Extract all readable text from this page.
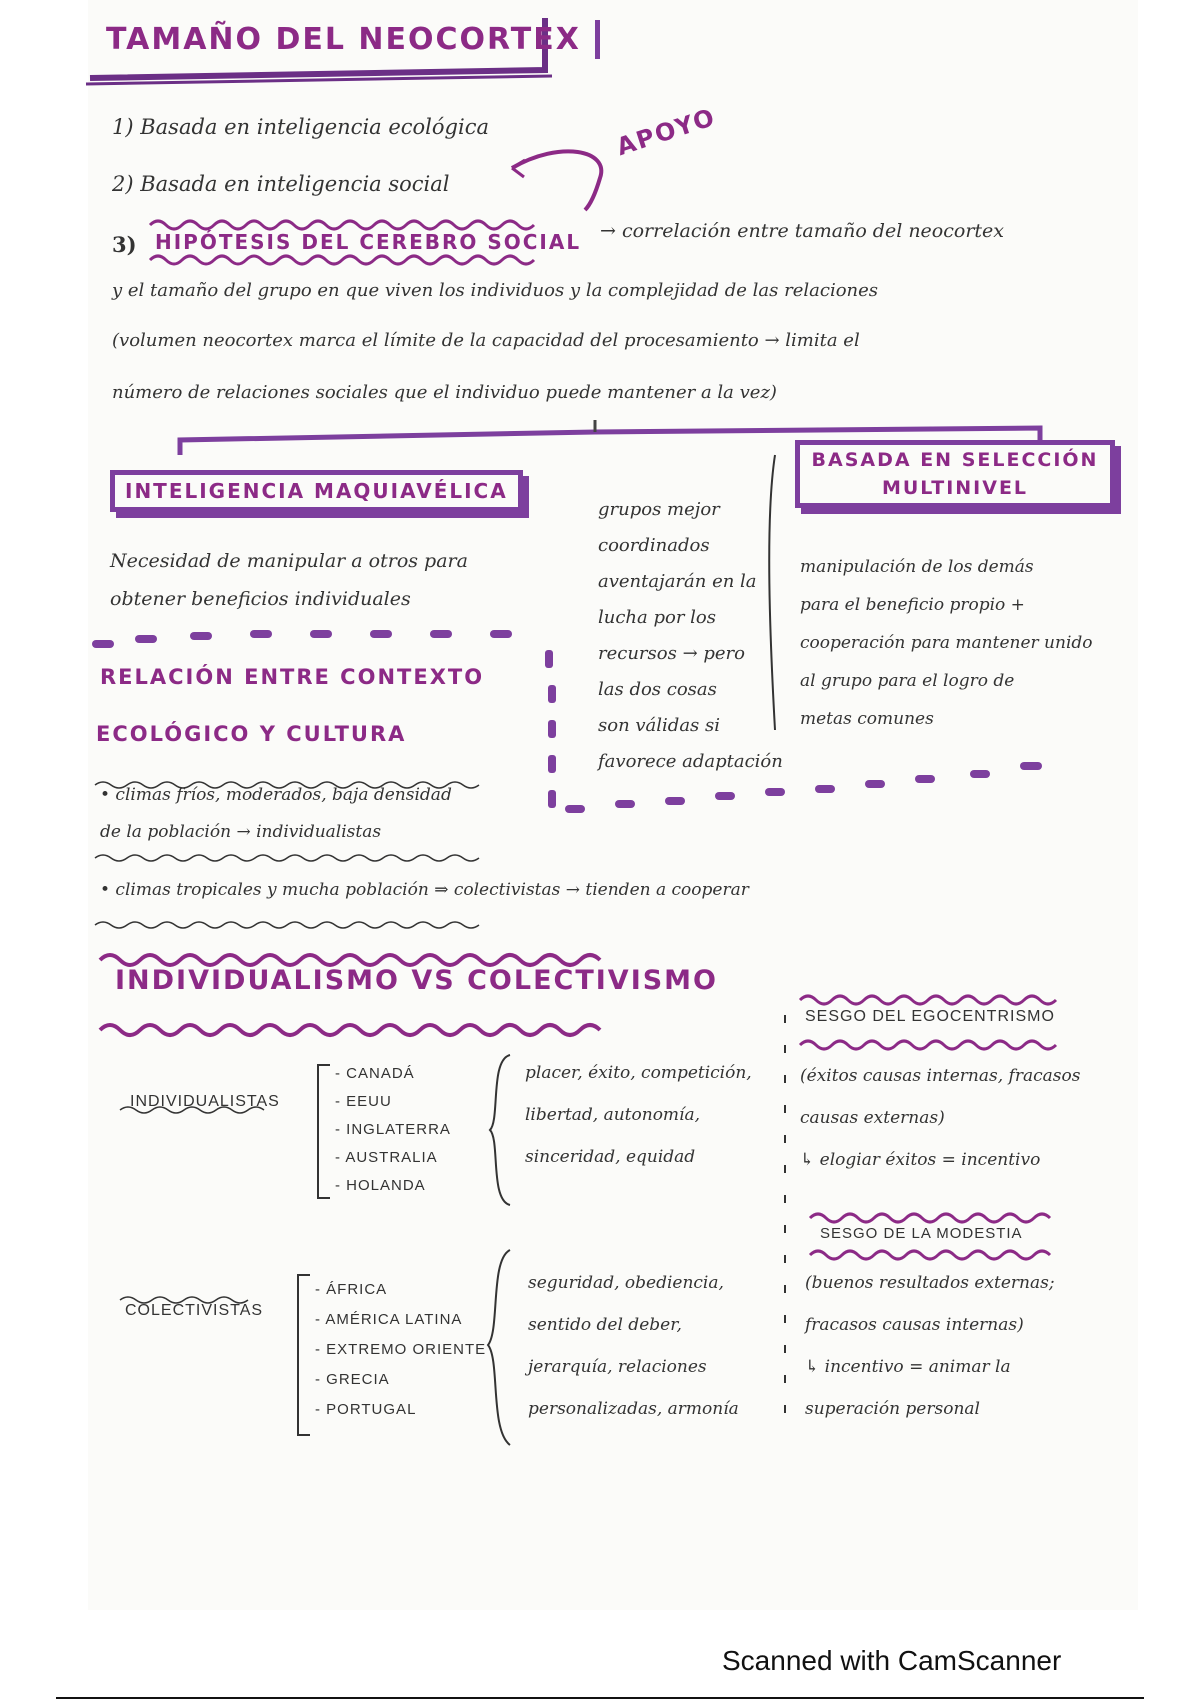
TAMAÑO DEL NEOCORTEX
1) Basada en inteligencia ecológica
2) Basada en inteligencia social
APOYO
3) HIPÓTESIS DEL CEREBRO SOCIAL → correlación entre tamaño del neocortex
y el tamaño del grupo en que viven los individuos y la complejidad de las relaciones
(volumen neocortex marca el límite de la capacidad del procesamiento → limita el
número de relaciones sociales que el individuo puede mantener a la vez)
INTELIGENCIA MAQUIAVÉLICA
Necesidad de manipular a otros para
obtener beneficios individuales
grupos mejor
coordinados
aventajarán en la
lucha por los
recursos → pero
las dos cosas
son válidas si
favorece adaptación
BASADA EN SELECCIÓN
MULTINIVEL
manipulación de los demás
para el beneficio propio +
cooperación para mantener unido
al grupo para el logro de
metas comunes
RELACIÓN ENTRE CONTEXTO
ECOLÓGICO Y CULTURA
• climas fríos, moderados, baja densidad
de la población → individualistas
• climas tropicales y mucha población ⇒ colectivistas → tienden a cooperar
INDIVIDUALISMO VS COLECTIVISMO
INDIVIDUALISTAS
- CANADÁ
- EEUU
- INGLATERRA
- AUSTRALIA
- HOLANDA
placer, éxito, competición,
libertad, autonomía,
sinceridad, equidad
COLECTIVISTAS
- ÁFRICA
- AMÉRICA LATINA
- EXTREMO ORIENTE
- GRECIA
- PORTUGAL
seguridad, obediencia,
sentido del deber,
jerarquía, relaciones
personalizadas, armonía
SESGO DEL EGOCENTRISMO
(éxitos causas internas, fracasos
causas externas)
↳ elogiar éxitos = incentivo
SESGO DE LA MODESTIA
(buenos resultados externas;
fracasos causas internas)
↳ incentivo = animar la
superación personal
Scanned with CamScanner
